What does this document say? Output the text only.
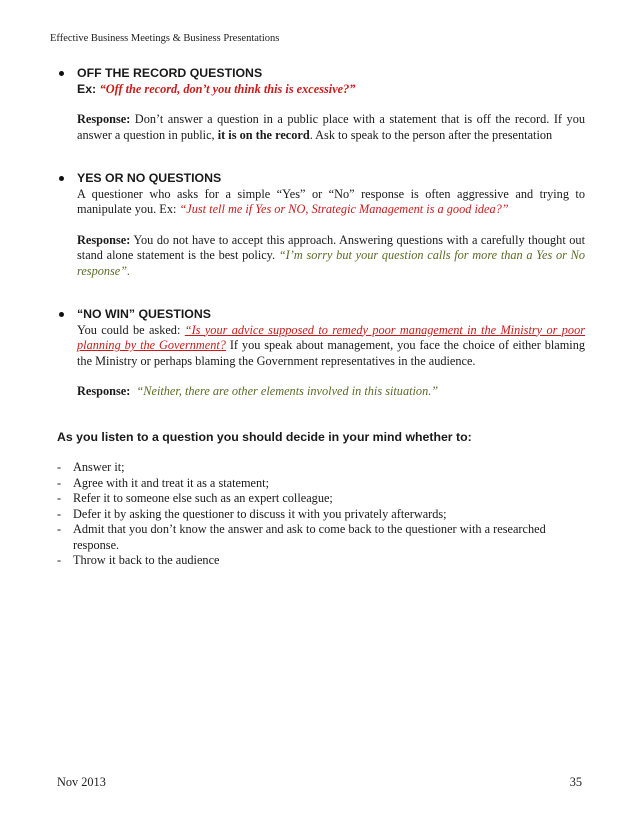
Effective Business Meetings & Business Presentations
OFF THE RECORD QUESTIONS
Ex: “Off the record, don’t you think this is excessive?”
Response: Don’t answer a question in a public place with a statement that is off the record. If you answer a question in public, it is on the record. Ask to speak to the person after the presentation
YES OR NO QUESTIONS
A questioner who asks for a simple “Yes” or “No” response is often aggressive and trying to manipulate you. Ex: “Just tell me if Yes or NO, Strategic Management is a good idea?”
Response: You do not have to accept this approach. Answering questions with a carefully thought out stand alone statement is the best policy. “I’m sorry but your question calls for more than a Yes or No response”.
“NO WIN” QUESTIONS
You could be asked: “Is your advice supposed to remedy poor management in the Ministry or poor planning by the Government? If you speak about management, you face the choice of either blaming the Ministry or perhaps blaming the Government representatives in the audience.
Response: “Neither, there are other elements involved in this situation.”
As you listen to a question you should decide in your mind whether to:
- Answer it;
- Agree with it and treat it as a statement;
- Refer it to someone else such as an expert colleague;
- Defer it by asking the questioner to discuss it with you privately afterwards;
- Admit that you don’t know the answer and ask to come back to the questioner with a researched response.
- Throw it back to the audience
Nov 2013	35
